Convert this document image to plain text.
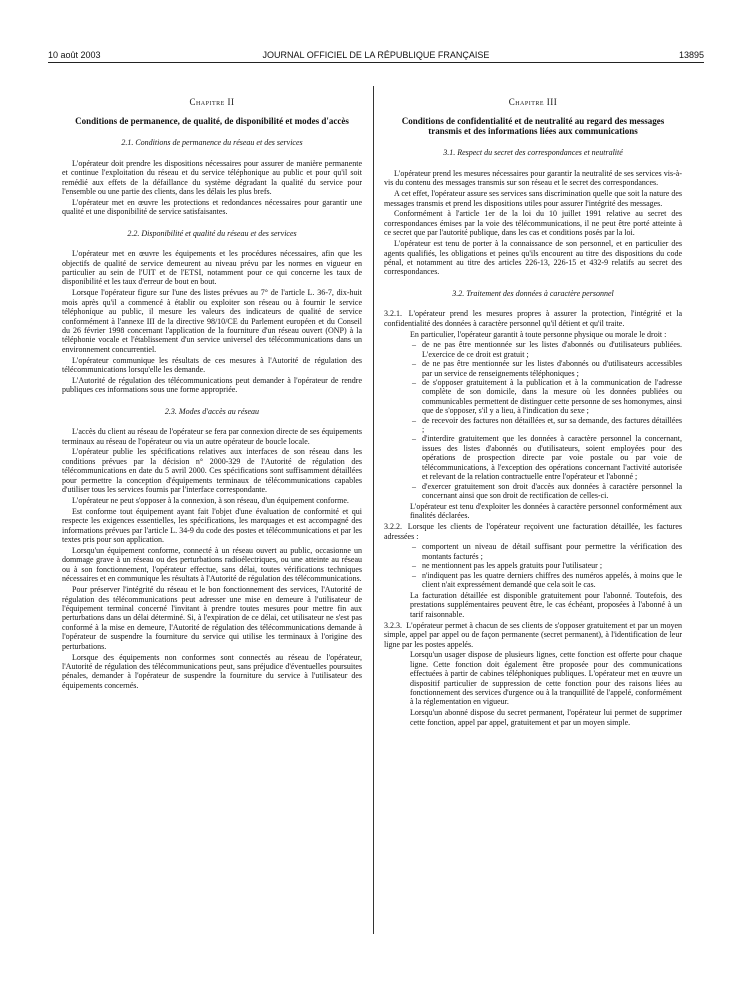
10 août 2003	JOURNAL OFFICIEL DE LA RÉPUBLIQUE FRANÇAISE	13895
Chapitre II
Conditions de permanence, de qualité, de disponibilité et modes d'accès
2.1. Conditions de permanence du réseau et des services

L'opérateur doit prendre les dispositions nécessaires pour assurer de manière permanente et continue l'exploitation du réseau et du service téléphonique au public et pour qu'il soit remédié aux effets de la défaillance du système dégradant la qualité du service pour l'ensemble ou une partie des clients, dans les délais les plus brefs.

L'opérateur met en œuvre les protections et redondances nécessaires pour garantir une qualité et une disponibilité de service satisfaisantes.

2.2. Disponibilité et qualité du réseau et des services

L'opérateur met en œuvre les équipements et les procédures nécessaires, afin que les objectifs de qualité de service demeurent au niveau prévu par les normes en vigueur en particulier au sein de l'UIT et de l'ETSI, notamment pour ce qui concerne les taux de disponibilité et les taux d'erreur de bout en bout.

Lorsque l'opérateur figure sur l'une des listes prévues au 7° de l'article L. 36-7, dix-huit mois après qu'il a commencé à établir ou exploiter son réseau ou à fournir le service téléphonique au public, il mesure les valeurs des indicateurs de qualité de service conformément à l'annexe III de la directive 98/10/CE du Parlement européen et du Conseil du 26 février 1998 concernant l'application de la fourniture d'un réseau ouvert (ONP) à la téléphonie vocale et l'établissement d'un service universel des télécommunications dans un environnement concurrentiel.

L'opérateur communique les résultats de ces mesures à l'Autorité de régulation des télécommunications lorsqu'elle les demande.

L'Autorité de régulation des télécommunications peut demander à l'opérateur de rendre publiques ces informations sous une forme appropriée.

2.3. Modes d'accès au réseau

L'accès du client au réseau de l'opérateur se fera par connexion directe de ses équipements terminaux au réseau de l'opérateur ou via un autre opérateur de boucle locale.

L'opérateur publie les spécifications relatives aux interfaces de son réseau dans les conditions prévues par la décision n° 2000-329 de l'Autorité de régulation des télécommunications en date du 5 avril 2000. Ces spécifications sont suffisamment détaillées pour permettre la conception d'équipements terminaux de télécommunications capables d'utiliser tous les services fournis par l'interface correspondante.

L'opérateur ne peut s'opposer à la connexion, à son réseau, d'un équipement conforme.

Est conforme tout équipement ayant fait l'objet d'une évaluation de conformité et qui respecte les exigences essentielles, les spécifications, les marquages et est accompagné des informations prévues par l'article L. 34-9 du code des postes et télécommunications et par les textes pris pour son application.

Lorsqu'un équipement conforme, connecté à un réseau ouvert au public, occasionne un dommage grave à un réseau ou des perturbations radioélectriques, ou une atteinte au réseau ou à son fonctionnement, l'opérateur effectue, sans délai, toutes vérifications techniques nécessaires et en communique les résultats à l'Autorité de régulation des télécommunications.

Pour préserver l'intégrité du réseau et le bon fonctionnement des services, l'Autorité de régulation des télécommunications peut adresser une mise en demeure à l'utilisateur de l'équipement terminal concerné l'invitant à prendre toutes mesures pour mettre fin aux perturbations dans un délai déterminé. Si, à l'expiration de ce délai, cet utilisateur ne s'est pas conformé à la mise en demeure, l'Autorité de régulation des télécommunications demande à l'opérateur de suspendre la fourniture du service qui utilise les terminaux à l'origine des perturbations.

Lorsque des équipements non conformes sont connectés au réseau de l'opérateur, l'Autorité de régulation des télécommunications peut, sans préjudice d'éventuelles poursuites pénales, demander à l'opérateur de suspendre la fourniture du service à l'utilisateur des équipements concernés.

Chapitre III
Conditions de confidentialité et de neutralité au regard des messages transmis et des informations liées aux communications
3.1. Respect du secret des correspondances et neutralité

L'opérateur prend les mesures nécessaires pour garantir la neutralité de ses services vis-à-vis du contenu des messages transmis sur son réseau et le secret des correspondances.

A cet effet, l'opérateur assure ses services sans discrimination quelle que soit la nature des messages transmis et prend les dispositions utiles pour assurer l'intégrité des messages.

Conformément à l'article 1er de la loi du 10 juillet 1991 relative au secret des correspondances émises par la voie des télécommunications, il ne peut être porté atteinte à ce secret que par l'autorité publique, dans les cas et conditions posés par la loi.

L'opérateur est tenu de porter à la connaissance de son personnel, et en particulier des agents qualifiés, les obligations et peines qu'ils encourent au titre des dispositions du code pénal, et notamment au titre des articles 226-13, 226-15 et 432-9 relatifs au secret des correspondances.

3.2. Traitement des données à caractère personnel

3.2.1. L'opérateur prend les mesures propres à assurer la protection, l'intégrité et la confidentialité des données à caractère personnel qu'il détient et qu'il traite.

En particulier, l'opérateur garantit à toute personne physique ou morale le droit :

– de ne pas être mentionnée sur les listes d'abonnés ou d'utilisateurs publiées. L'exercice de ce droit est gratuit ;
– de ne pas être mentionnée sur les listes d'abonnés ou d'utilisateurs accessibles par un service de renseignements téléphoniques ;
– de s'opposer gratuitement à la publication et à la communication de l'adresse complète de son domicile, dans la mesure où les données publiées ou communicables permettent de distinguer cette personne de ses homonymes, ainsi que de s'opposer, s'il y a lieu, à l'indication du sexe ;
– de recevoir des factures non détaillées et, sur sa demande, des factures détaillées ;
– d'interdire gratuitement que les données à caractère personnel la concernant, issues des listes d'abonnés ou d'utilisateurs, soient employées pour des opérations de prospection directe par voie postale ou par voie de télécommunications, à l'exception des opérations concernant l'activité autorisée et relevant de la relation contractuelle entre l'opérateur et l'abonné ;
– d'exercer gratuitement son droit d'accès aux données à caractère personnel la concernant ainsi que son droit de rectification de celles-ci.

L'opérateur est tenu d'exploiter les données à caractère personnel conformément aux finalités déclarées.

3.2.2. Lorsque les clients de l'opérateur reçoivent une facturation détaillée, les factures adressées :

– comportent un niveau de détail suffisant pour permettre la vérification des montants facturés ;
– ne mentionnent pas les appels gratuits pour l'utilisateur ;
– n'indiquent pas les quatre derniers chiffres des numéros appelés, à moins que le client n'ait expressément demandé que cela soit le cas.

La facturation détaillée est disponible gratuitement pour l'abonné. Toutefois, des prestations supplémentaires peuvent être, le cas échéant, proposées à l'abonné à un tarif raisonnable.

3.2.3. L'opérateur permet à chacun de ses clients de s'opposer gratuitement et par un moyen simple, appel par appel ou de façon permanente (secret permanent), à l'identification de leur ligne par les postes appelés.

Lorsqu'un usager dispose de plusieurs lignes, cette fonction est offerte pour chaque ligne. Cette fonction doit également être proposée pour des communications effectuées à partir de cabines téléphoniques publiques. L'opérateur met en œuvre un dispositif particulier de suppression de cette fonction pour des raisons liées au fonctionnement des services d'urgence ou à la tranquillité de l'appelé, conformément à la réglementation en vigueur.

Lorsqu'un abonné dispose du secret permanent, l'opérateur lui permet de supprimer cette fonction, appel par appel, gratuitement et par un moyen simple.
